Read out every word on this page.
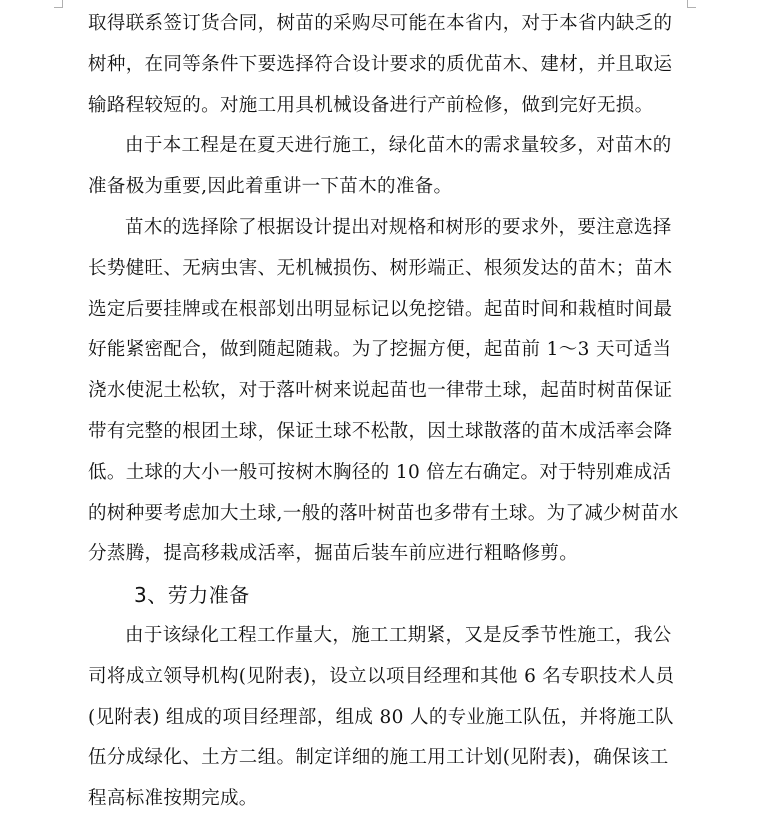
取得联系签订货合同，树苗的采购尽可能在本省内，对于本省内缺乏的
树种，在同等条件下要选择符合设计要求的质优苗木、建材，并且取运
输路程较短的。对施工用具机械设备进行产前检修，做到完好无损。
由于本工程是在夏天进行施工，绿化苗木的需求量较多，对苗木的
准备极为重要,因此着重讲一下苗木的准备。
苗木的选择除了根据设计提出对规格和树形的要求外，要注意选择
长势健旺、无病虫害、无机械损伤、树形端正、根须发达的苗木；苗木
选定后要挂牌或在根部划出明显标记以免挖错。起苗时间和栽植时间最
好能紧密配合，做到随起随栽。为了挖掘方便，起苗前 1～3 天可适当
浇水使泥土松软，对于落叶树来说起苗也一律带土球，起苗时树苗保证
带有完整的根团土球，保证土球不松散，因土球散落的苗木成活率会降
低。土球的大小一般可按树木胸径的 10 倍左右确定。对于特别难成活
的树种要考虑加大土球,一般的落叶树苗也多带有土球。为了减少树苗水
分蒸腾，提高移栽成活率，掘苗后装车前应进行粗略修剪。
3、劳力准备
由于该绿化工程工作量大，施工工期紧，又是反季节性施工，我公
司将成立领导机构(见附表)，设立以项目经理和其他 6 名专职技术人员
(见附表) 组成的项目经理部，组成 80 人的专业施工队伍，并将施工队
伍分成绿化、土方二组。制定详细的施工用工计划(见附表)，确保该工
程高标准按期完成。
